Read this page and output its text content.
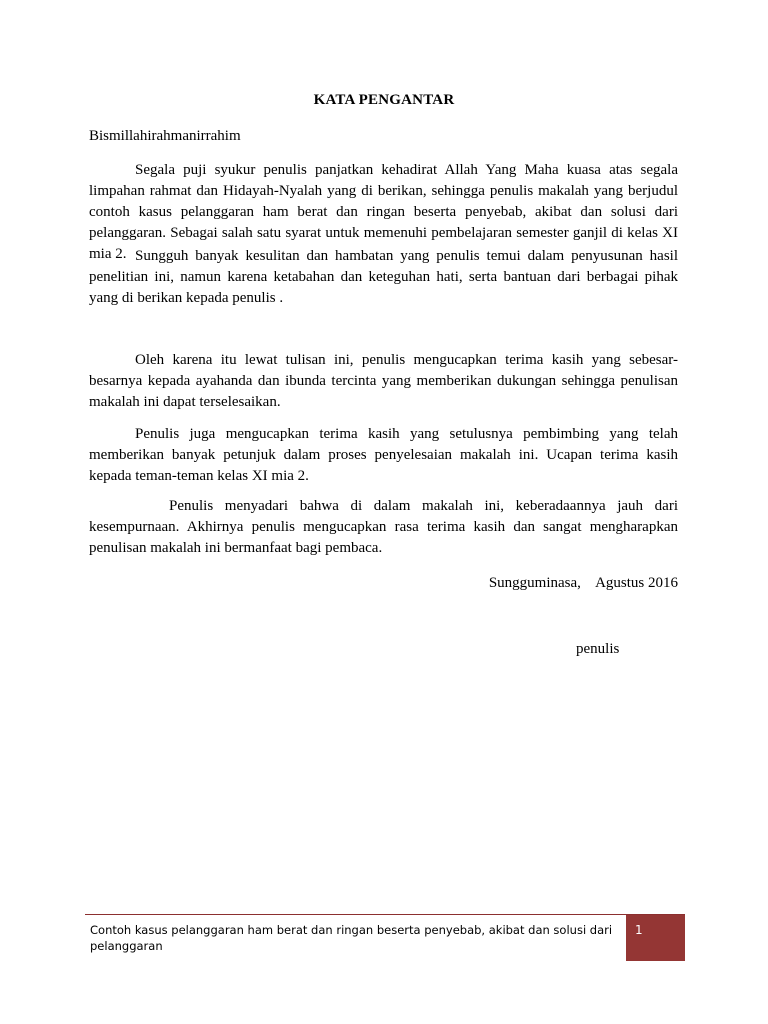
KATA PENGANTAR
Bismillahirahmanirrahim

Segala puji syukur penulis panjatkan kehadirat Allah Yang Maha kuasa atas segala limpahan rahmat dan Hidayah-Nyalah yang di berikan, sehingga penulis makalah yang berjudul contoh kasus pelanggaran ham berat dan ringan beserta penyebab, akibat dan solusi dari pelanggaran. Sebagai salah satu syarat untuk memenuhi pembelajaran semester ganjil di kelas XI mia 2. Sungguh banyak kesulitan dan hambatan yang penulis temui dalam penyusunan hasil penelitian ini, namun karena ketabahan dan keteguhan hati, serta bantuan dari berbagai pihak yang di berikan kepada penulis .

Oleh karena itu lewat tulisan ini, penulis mengucapkan terima kasih yang sebesar-besarnya kepada ayahanda dan ibunda tercinta yang memberikan dukungan sehingga penulisan makalah ini dapat terselesaikan.

Penulis juga mengucapkan terima kasih yang setulusnya pembimbing yang telah memberikan banyak petunjuk dalam proses penyelesaian makalah ini. Ucapan terima kasih kepada teman-teman kelas XI mia 2.

Penulis menyadari bahwa di dalam makalah ini, keberadaannya jauh dari kesempurnaan. Akhirnya penulis mengucapkan rasa terima kasih dan sangat mengharapkan penulisan makalah ini bermanfaat bagi pembaca.

Sungguminasa,    Agustus 2016
penulis
Contoh kasus pelanggaran ham berat dan ringan beserta penyebab, akibat dan solusi dari pelanggaran
1
